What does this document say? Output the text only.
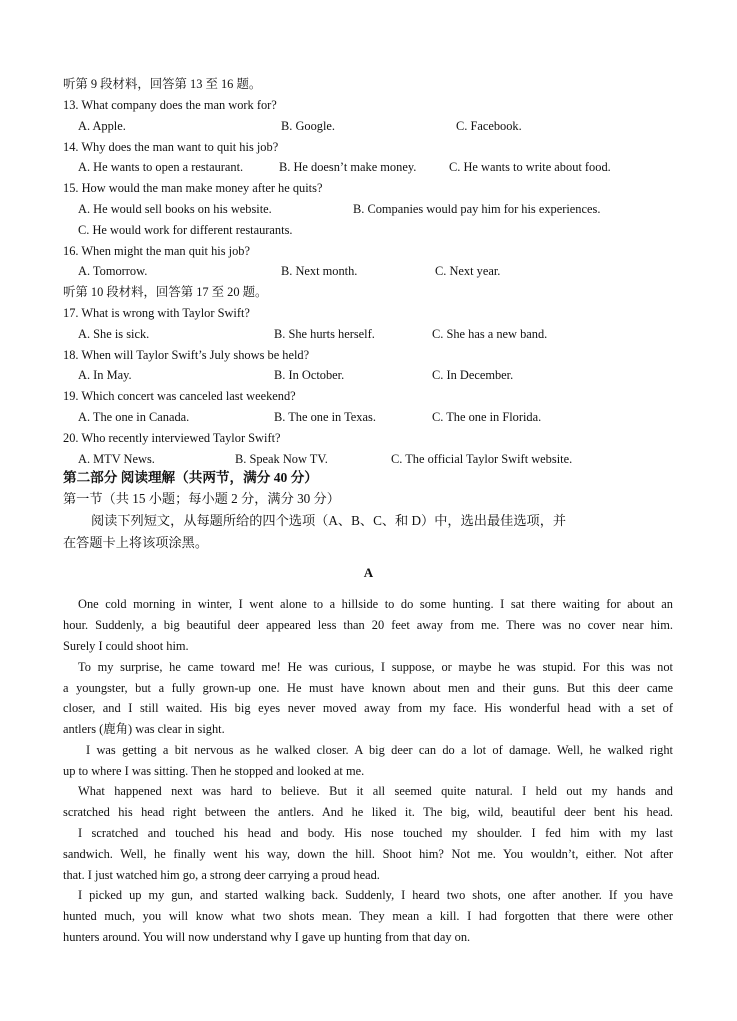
听第 9 段材料，回答第 13 至 16 题。
13. What company does the man work for?
A. Apple.	B. Google.	C. Facebook.
14. Why does the man want to quit his job?
A. He wants to open a restaurant.	B. He doesn’t make money.	C. He wants to write about food.
15. How would the man make money after he quits?
A. He would sell books on his website.	B. Companies would pay him for his experiences.
C. He would work for different restaurants.
16. When might the man quit his job?
A. Tomorrow.	B. Next month.	C. Next year.
听第 10 段材料，回答第 17 至 20 题。
17. What is wrong with Taylor Swift?
A. She is sick.	B. She hurts herself.	C. She has a new band.
18. When will Taylor Swift’s July shows be held?
A. In May.	B. In October.	C. In December.
19. Which concert was canceled last weekend?
A. The one in Canada.	B. The one in Texas.	C. The one in Florida.
20. Who recently interviewed Taylor Swift?
A. MTV News.	B. Speak Now TV.	C. The official Taylor Swift website.
第二部分 阅读理解（共两节，满分 40 分）
第一节（共 15 小题；每小题 2 分，满分 30 分）
阅读下列短文，从每题所给的四个选项（A、B、C、和 D）中，选出最佳选项，并
在答题卡上将该项涂黑。
A
One cold morning in winter, I went alone to a hillside to do some hunting. I sat there waiting for about an
hour. Suddenly, a big beautiful deer appeared less than 20 feet away from me. There was no cover near him.
Surely I could shoot him.
To my surprise, he came toward me! He was curious, I suppose, or maybe he was stupid. For this was not
a youngster, but a fully grown-up one. He must have known about men and their guns. But this deer came
closer, and I still waited. His big eyes never moved away from my face. His wonderful head with a set of
antlers (鹿角) was clear in sight.
I was getting a bit nervous as he walked closer. A big deer can do a lot of damage. Well, he walked right
up to where I was sitting. Then he stopped and looked at me.
What happened next was hard to believe. But it all seemed quite natural. I held out my hands and
scratched his head right between the antlers. And he liked it. The big, wild, beautiful deer bent his head.
I scratched and touched his head and body. His nose touched my shoulder. I fed him with my last
sandwich. Well, he finally went his way, down the hill. Shoot him? Not me. You wouldn’t, either. Not after
that. I just watched him go, a strong deer carrying a proud head.
I picked up my gun, and started walking back. Suddenly, I heard two shots, one after another. If you have
hunted much, you will know what two shots mean. They mean a kill. I had forgotten that there were other
hunters around. You will now understand why I gave up hunting from that day on.
